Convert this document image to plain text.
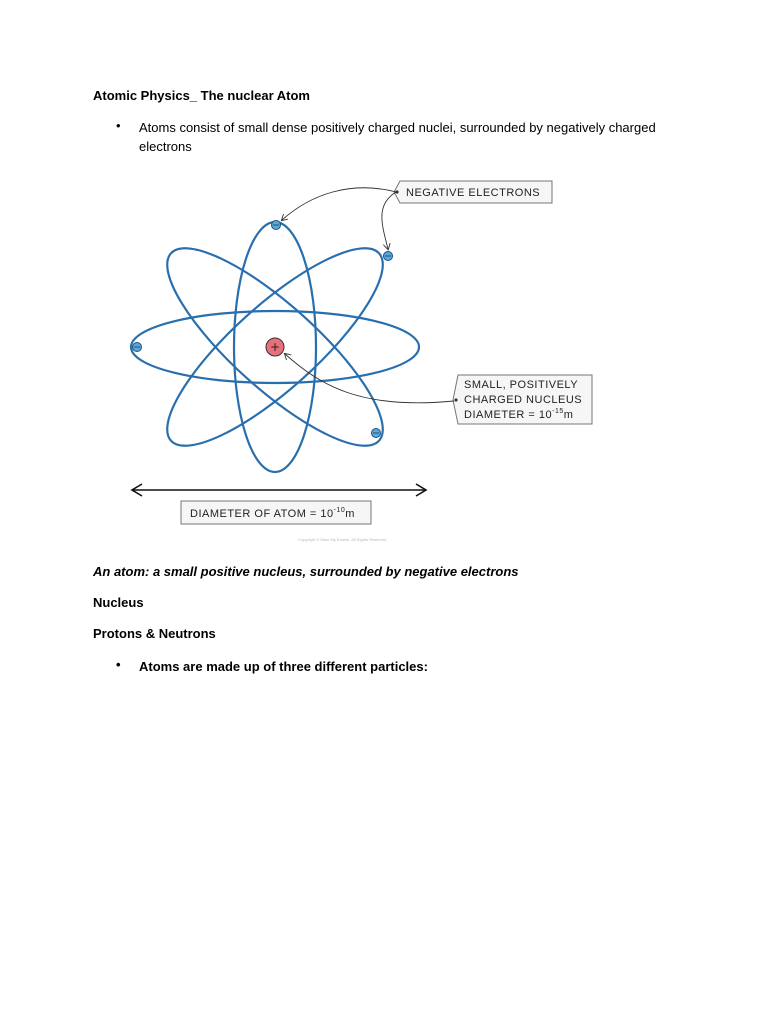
Atomic Physics_ The nuclear Atom
• Atoms consist of small dense positively charged nuclei, surrounded by negatively charged electrons
+
NEGATIVE ELECTRONS
SMALL, POSITIVELY
CHARGED NUCLEUS
DIAMETER = $10^{-15}m$
DIAMETER OF ATOM = $10^{-10}m$
Copyright © Save My Exams. All Rights Reserved
An atom: a small positive nucleus, surrounded by negative electrons
Nucleus
Protons & Neutrons
• Atoms are made up of three different particles:
